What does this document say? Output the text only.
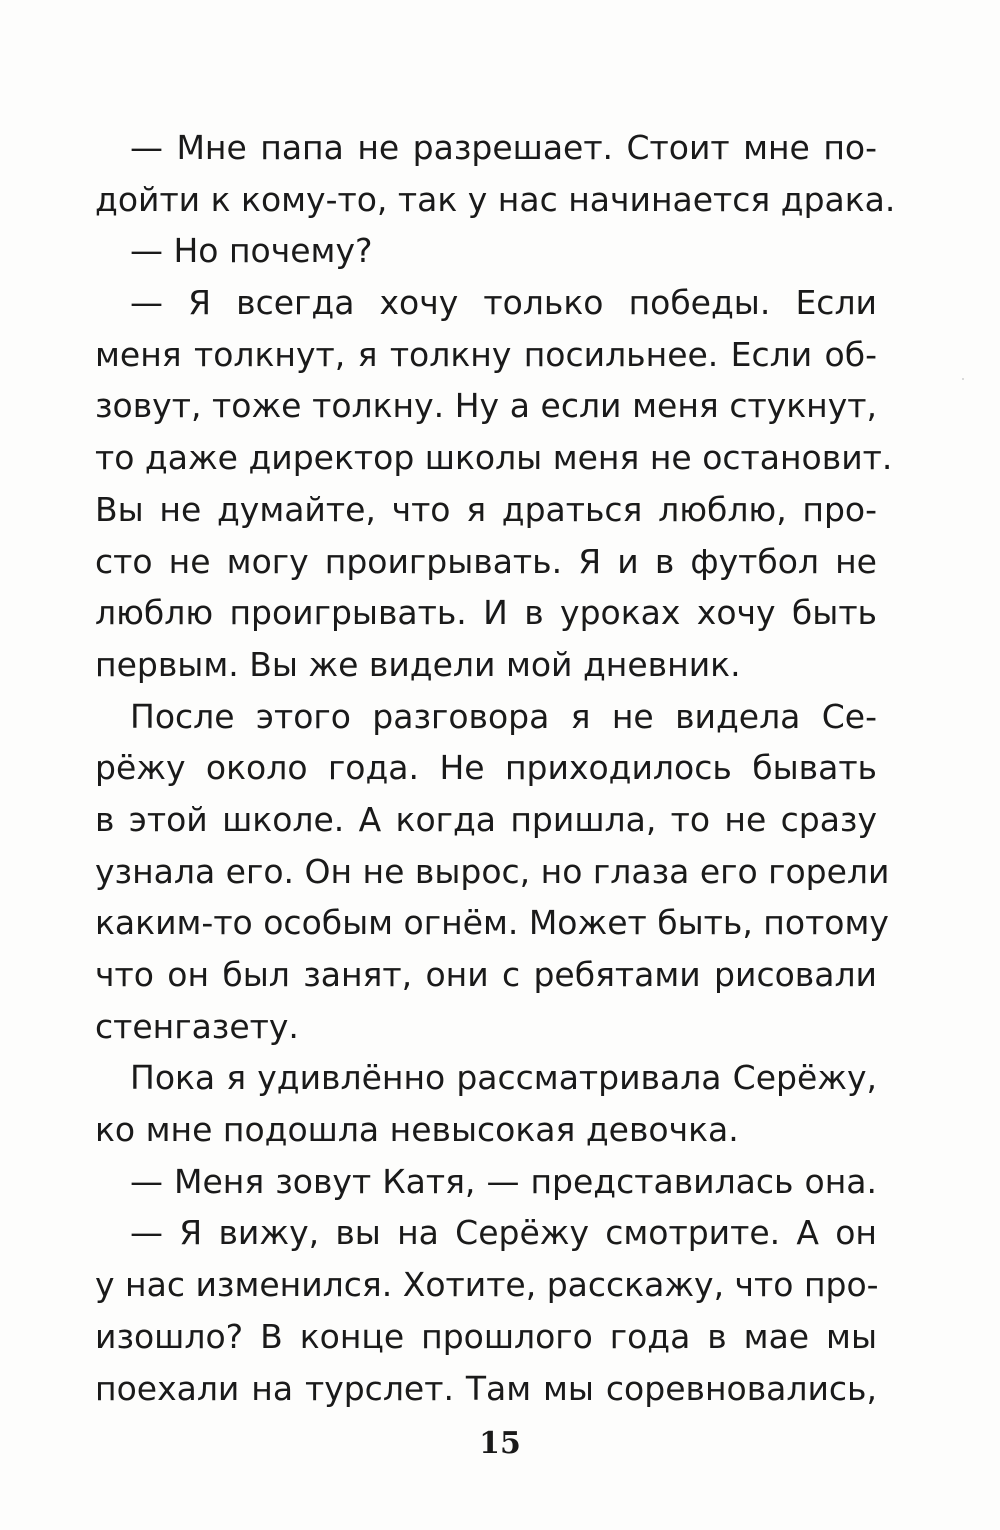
— Мне папа не разрешает. Стоит мне по-
дойти к кому-то, так у нас начинается драка.
— Но почему?
— Я всегда хочу только победы. Если
меня толкнут, я толкну посильнее. Если об-
зовут, тоже толкну. Ну а если меня стукнут,
то даже директор школы меня не остановит.
Вы не думайте, что я драться люблю, про-
сто не могу проигрывать. Я и в футбол не
люблю проигрывать. И в уроках хочу быть
первым. Вы же видели мой дневник.
После этого разговора я не видела Се-
рёжу около года. Не приходилось бывать
в этой школе. А когда пришла, то не сразу
узнала его. Он не вырос, но глаза его горели
каким-то особым огнём. Может быть, потому
что он был занят, они с ребятами рисовали
стенгазету.
Пока я удивлённо рассматривала Серёжу,
ко мне подошла невысокая девочка.
— Меня зовут Катя, — представилась она.
— Я вижу, вы на Серёжу смотрите. А он
у нас изменился. Хотите, расскажу, что про-
изошло? В конце прошлого года в мае мы
поехали на турслет. Там мы соревновались,
15
